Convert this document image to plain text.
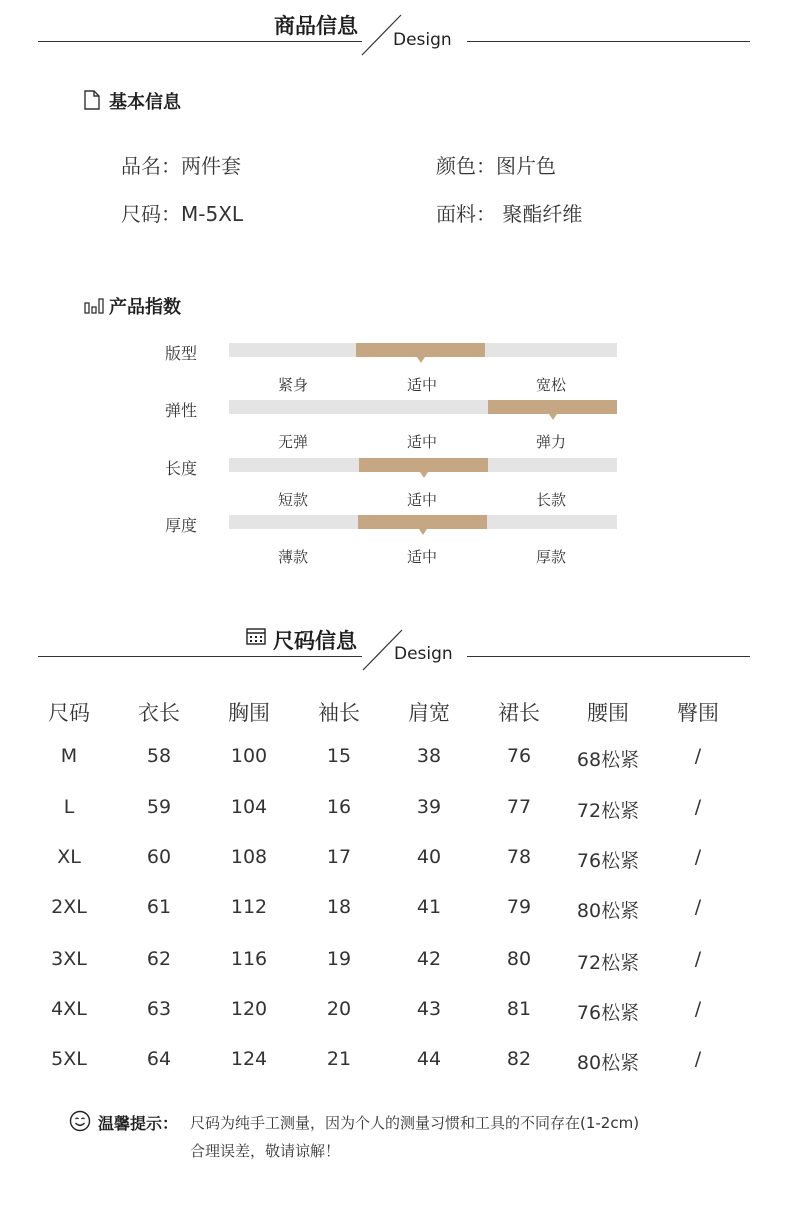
商品信息
Design
基本信息
品名：两件套	颜色：图片色
尺码：M-5XL	面料： 聚酯纤维
产品指数
版型
紧身	适中	宽松
弹性
无弹	适中	弹力
长度
短款	适中	长款
厚度
薄款	适中	厚款
尺码信息
Design
尺码	衣长	胸围	袖长	肩宽	裙长	腰围	臀围
M	58	100	15	38	76	68松紧	/
L	59	104	16	39	77	72松紧	/
XL	60	108	17	40	78	76松紧	/
2XL	61	112	18	41	79	80松紧	/
3XL	62	116	19	42	80	72松紧	/
4XL	63	120	20	43	81	76松紧	/
5XL	64	124	21	44	82	80松紧	/
温馨提示： 尺码为纯手工测量，因为个人的测量习惯和工具的不同存在(1-2cm)
合理误差，敬请谅解！
